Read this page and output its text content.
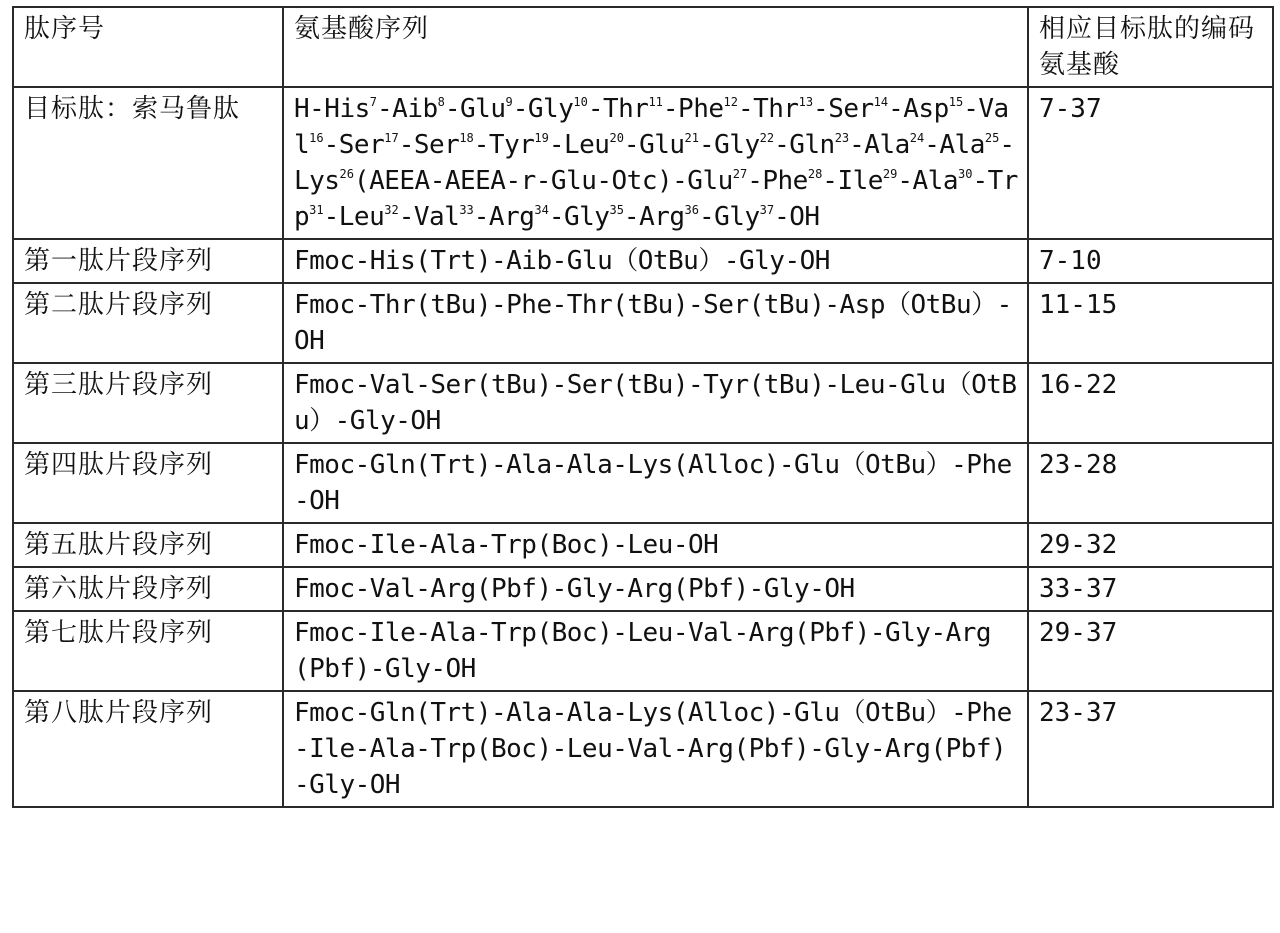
肽序号	氨基酸序列	相应目标肽的编码氨基酸
目标肽：索马鲁肽	H-His$^7$-Aib$^8$-Glu$^9$-Gly$^{10}$-Thr$^{11}$-Phe$^{12}$-Thr$^{13}$-Ser$^{14}$-Asp$^{15}$-Val$^{16}$-Ser$^{17}$-Ser$^{18}$-Tyr$^{19}$-Leu$^{20}$-Glu$^{21}$-Gly$^{22}$-Gln$^{23}$-Ala$^{24}$-Ala$^{25}$-Lys$^{26}$(AEEA-AEEA-r-Glu-Otc)-Glu$^{27}$-Phe$^{28}$-Ile$^{29}$-Ala$^{30}$-Trp$^{31}$-Leu$^{32}$-Val$^{33}$-Arg$^{34}$-Gly$^{35}$-Arg$^{36}$-Gly$^{37}$-OH	7-37
第一肽片段序列	Fmoc-His(Trt)-Aib-Glu（OtBu）-Gly-OH	7-10
第二肽片段序列	Fmoc-Thr(tBu)-Phe-Thr(tBu)-Ser(tBu)-Asp（OtBu）-OH	11-15
第三肽片段序列	Fmoc-Val-Ser(tBu)-Ser(tBu)-Tyr(tBu)-Leu-Glu（OtBu）-Gly-OH	16-22
第四肽片段序列	Fmoc-Gln(Trt)-Ala-Ala-Lys(Alloc)-Glu（OtBu）-Phe-OH	23-28
第五肽片段序列	Fmoc-Ile-Ala-Trp(Boc)-Leu-OH	29-32
第六肽片段序列	Fmoc-Val-Arg(Pbf)-Gly-Arg(Pbf)-Gly-OH	33-37
第七肽片段序列	Fmoc-Ile-Ala-Trp(Boc)-Leu-Val-Arg(Pbf)-Gly-Arg(Pbf)-Gly-OH	29-37
第八肽片段序列	Fmoc-Gln(Trt)-Ala-Ala-Lys(Alloc)-Glu（OtBu）-Phe-Ile-Ala-Trp(Boc)-Leu-Val-Arg(Pbf)-Gly-Arg(Pbf)-Gly-OH	23-37
